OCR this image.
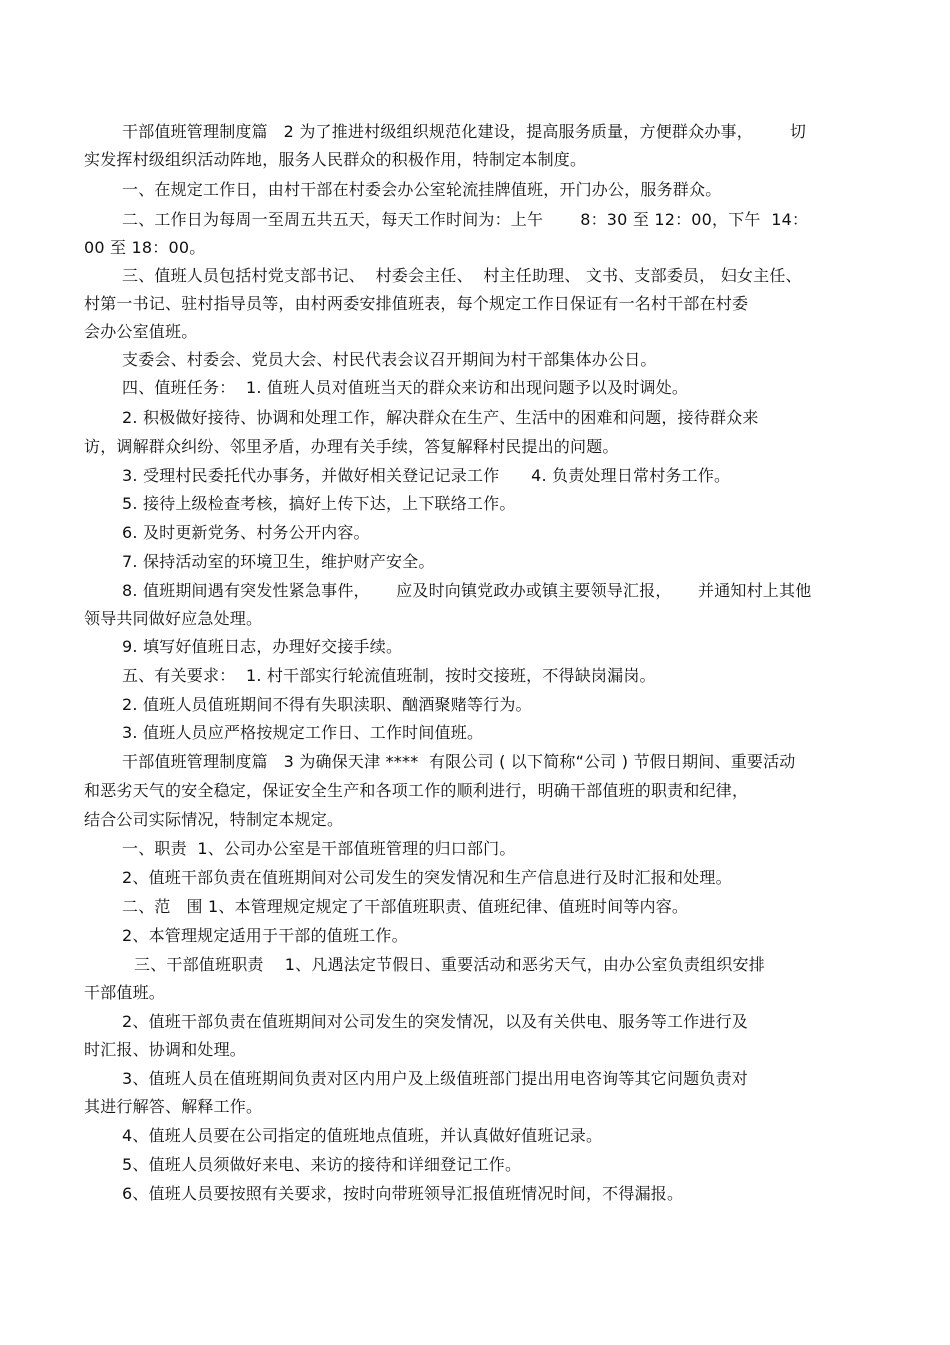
干部值班管理制度篇   2 为了推进村级组织规范化建设，提高服务质量，方便群众办事，       切
实发挥村级组织活动阵地，服务人民群众的积极作用，特制定本制度。
一、在规定工作日，由村干部在村委会办公室轮流挂牌值班，开门办公，服务群众。
二、工作日为每周一至周五共五天，每天工作时间为：上午       8：30 至 12：00，下午  14：
00 至 18：00。
三、值班人员包括村党支部书记、  村委会主任、  村主任助理、 文书、支部委员， 妇女主任、
村第一书记、驻村指导员等，由村两委安排值班表，每个规定工作日保证有一名村干部在村委
会办公室值班。
支委会、村委会、党员大会、村民代表会议召开期间为村干部集体办公日。
四、值班任务：  1. 值班人员对值班当天的群众来访和出现问题予以及时调处。
2. 积极做好接待、协调和处理工作，解决群众在生产、生活中的困难和问题，接待群众来
访，调解群众纠纷、邻里矛盾，办理有关手续，答复解释村民提出的问题。
3. 受理村民委托代办事务，并做好相关登记记录工作      4. 负责处理日常村务工作。
5. 接待上级检查考核，搞好上传下达，上下联络工作。
6. 及时更新党务、村务公开内容。
7. 保持活动室的环境卫生，维护财产安全。
8. 值班期间遇有突发性紧急事件，     应及时向镇党政办或镇主要领导汇报，     并通知村上其他
领导共同做好应急处理。
9. 填写好值班日志，办理好交接手续。
五、有关要求：  1. 村干部实行轮流值班制，按时交接班，不得缺岗漏岗。
2. 值班人员值班期间不得有失职渎职、酗酒聚赌等行为。
3. 值班人员应严格按规定工作日、工作时间值班。
干部值班管理制度篇   3 为确保天津 ****  有限公司 ( 以下简称“公司 ) 节假日期间、重要活动
和恶劣天气的安全稳定，保证安全生产和各项工作的顺利进行，明确干部值班的职责和纪律，
结合公司实际情况，特制定本规定。
一、职责  1、公司办公室是干部值班管理的归口部门。
2、值班干部负责在值班期间对公司发生的突发情况和生产信息进行及时汇报和处理。
二、范   围 1、本管理规定规定了干部值班职责、值班纪律、值班时间等内容。
2、本管理规定适用于干部的值班工作。
三、干部值班职责    1、凡遇法定节假日、重要活动和恶劣天气，由办公室负责组织安排
干部值班。
2、值班干部负责在值班期间对公司发生的突发情况，以及有关供电、服务等工作进行及
时汇报、协调和处理。
3、值班人员在值班期间负责对区内用户及上级值班部门提出用电咨询等其它问题负责对
其进行解答、解释工作。
4、值班人员要在公司指定的值班地点值班，并认真做好值班记录。
5、值班人员须做好来电、来访的接待和详细登记工作。
6、值班人员要按照有关要求，按时向带班领导汇报值班情况时间，不得漏报。
